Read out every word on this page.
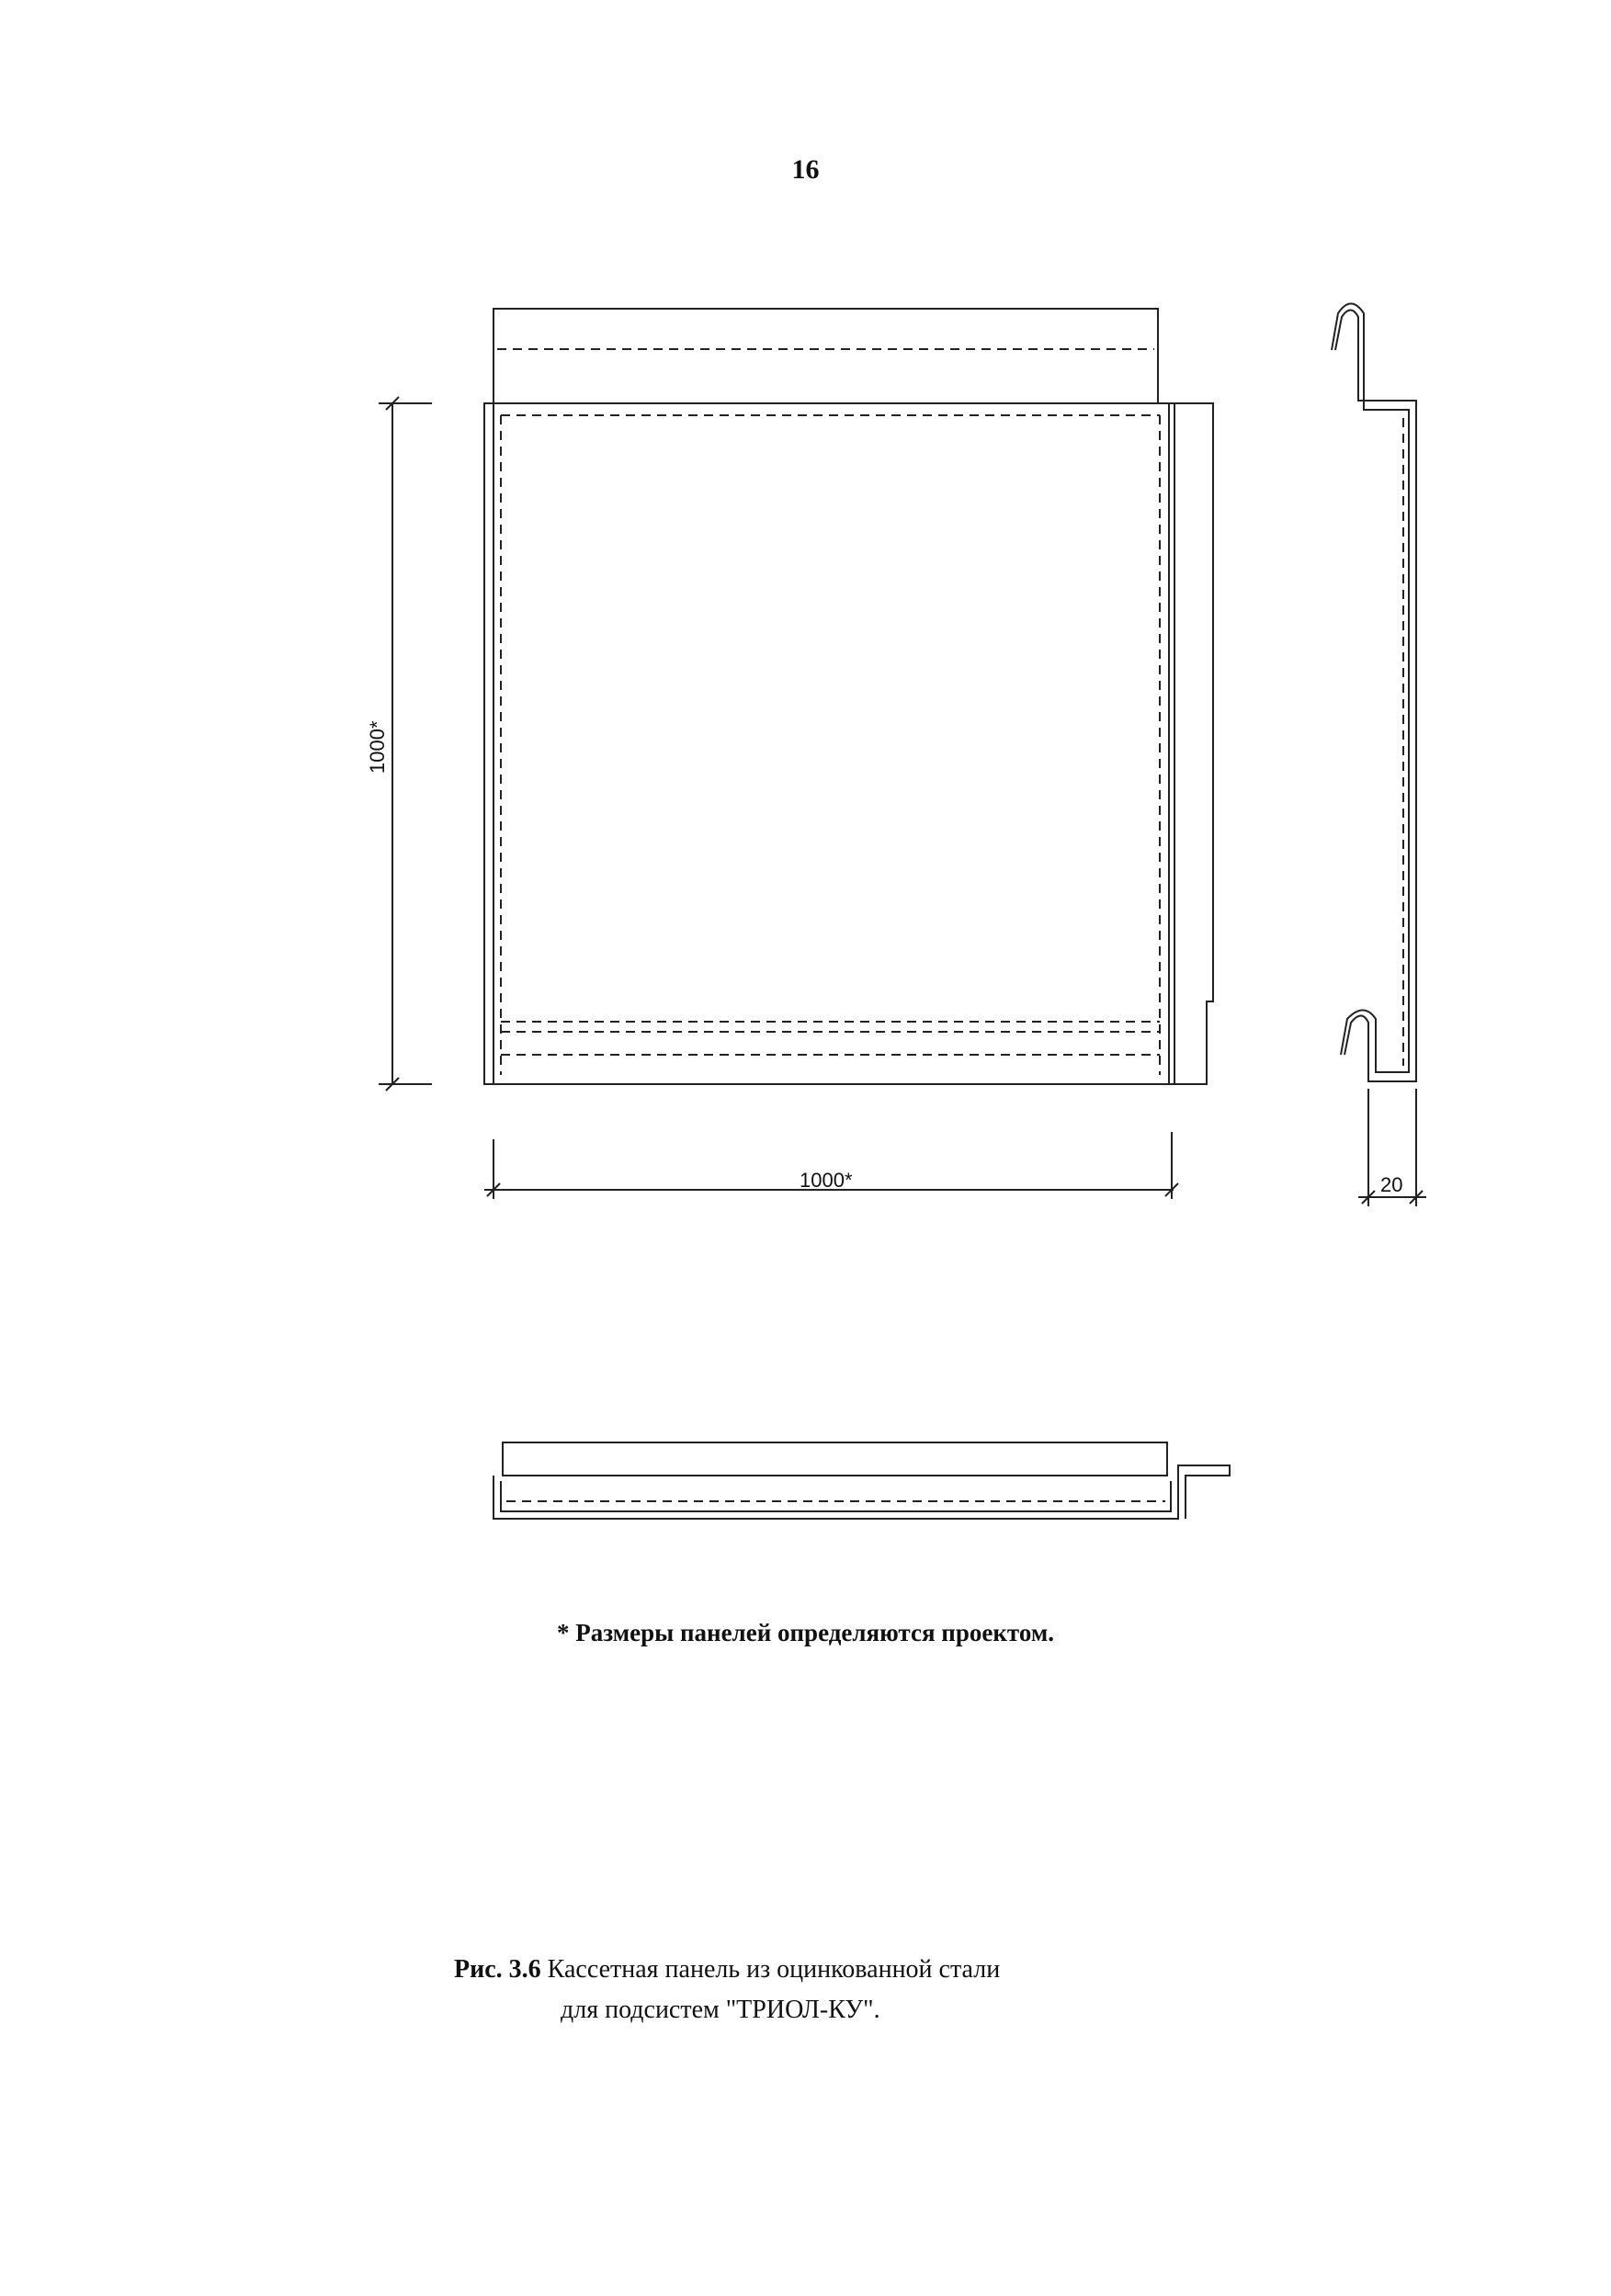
16
1000*
1000*	20
* Размеры панелей определяются проектом.
Рис. 3.6 Кассетная панель из оцинкованной стали
для подсистем "ТРИОЛ-КУ".
